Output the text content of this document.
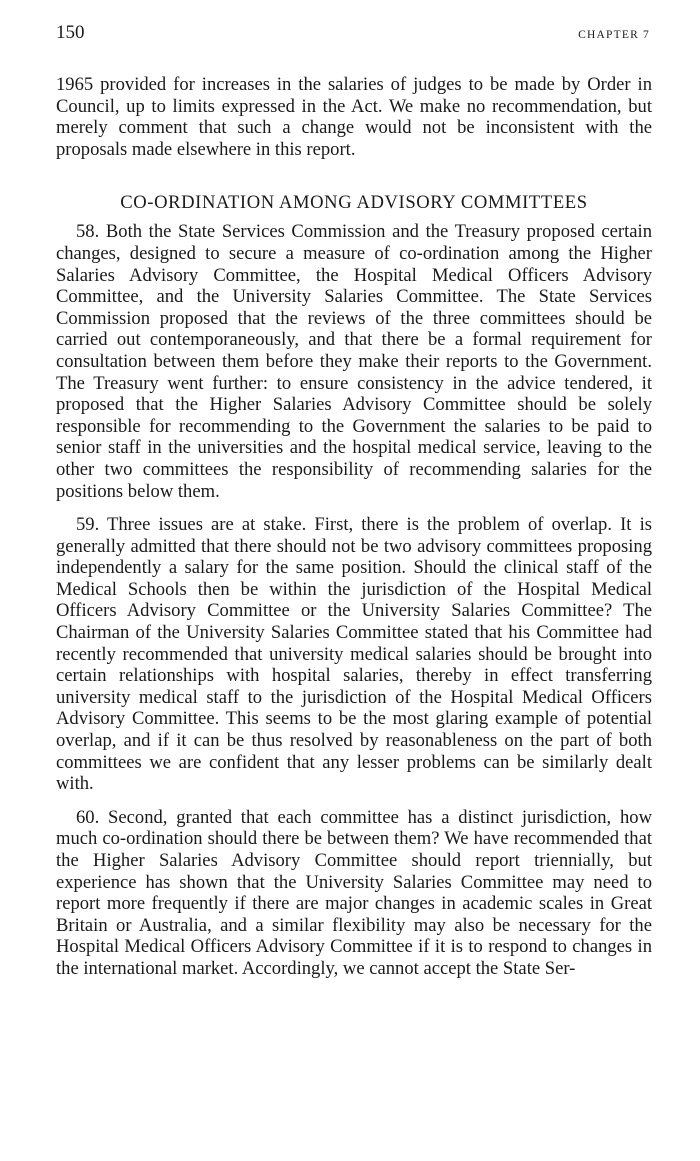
150	CHAPTER 7

1965 provided for increases in the salaries of judges to be made by Order in Council, up to limits expressed in the Act. We make no recommendation, but merely comment that such a change would not be inconsistent with the proposals made elsewhere in this report.

CO-ORDINATION AMONG ADVISORY COMMITTEES

58. Both the State Services Commission and the Treasury proposed certain changes, designed to secure a measure of co-ordination among the Higher Salaries Advisory Committee, the Hospital Medical Officers Advisory Committee, and the University Salaries Committee. The State Services Commission proposed that the reviews of the three committees should be carried out contemporaneously, and that there be a formal requirement for consultation between them before they make their reports to the Government. The Treasury went further: to ensure consistency in the advice tendered, it proposed that the Higher Salaries Advisory Committee should be solely responsible for recommending to the Government the salaries to be paid to senior staff in the universities and the hospital medical service, leaving to the other two committees the responsibility of recommending salaries for the positions below them.

59. Three issues are at stake. First, there is the problem of overlap. It is generally admitted that there should not be two advisory committees proposing independently a salary for the same position. Should the clinical staff of the Medical Schools then be within the jurisdiction of the Hospital Medical Officers Advisory Committee or the University Salaries Committee? The Chairman of the University Salaries Committee stated that his Committee had recently recommended that university medical salaries should be brought into certain relationships with hospital salaries, thereby in effect transferring university medical staff to the jurisdiction of the Hospital Medical Officers Advisory Committee. This seems to be the most glaring example of potential overlap, and if it can be thus resolved by reasonableness on the part of both committees we are confident that any lesser problems can be similarly dealt with.

60. Second, granted that each committee has a distinct jurisdiction, how much co-ordination should there be between them? We have recommended that the Higher Salaries Advisory Committee should report triennially, but experience has shown that the University Salaries Committee may need to report more frequently if there are major changes in academic scales in Great Britain or Australia, and a similar flexibility may also be necessary for the Hospital Medical Officers Advisory Committee if it is to respond to changes in the international market. Accordingly, we cannot accept the State Ser-
